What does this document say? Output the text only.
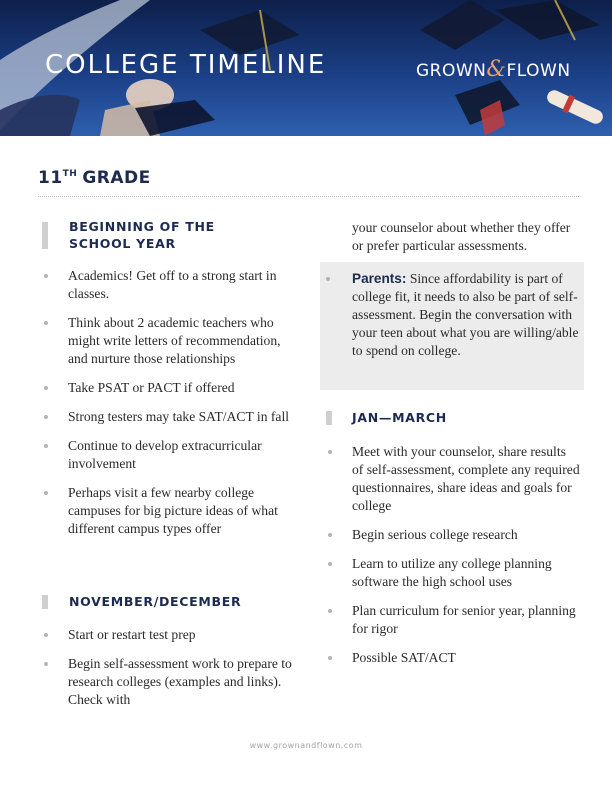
COLLEGE TIMELINE	GROWN&FLOWN
11TH GRADE
BEGINNING OF THE
SCHOOL YEAR
Academics! Get off to a strong start in classes.
Think about 2 academic teachers who might write letters of recommendation, and nurture those relationships
Take PSAT or PACT if offered
Strong testers may take SAT/ACT in fall
Continue to develop extracurricular involvement
Perhaps visit a few nearby college campuses for big picture ideas of what different campus types offer
NOVEMBER/DECEMBER
Start or restart test prep
Begin self-assessment work to prepare to research colleges (examples and links). Check with
your counselor about whether they offer or prefer particular assessments.
Parents: Since affordability is part of college fit, it needs to also be part of self-assessment. Begin the conversation with your teen about what you are willing/able to spend on college.
JAN—MARCH
Meet with your counselor, share results of self-assessment, complete any required questionnaires, share ideas and goals for college
Begin serious college research
Learn to utilize any college planning software the high school uses
Plan curriculum for senior year, planning for rigor
Possible SAT/ACT
www.grownandflown.com
